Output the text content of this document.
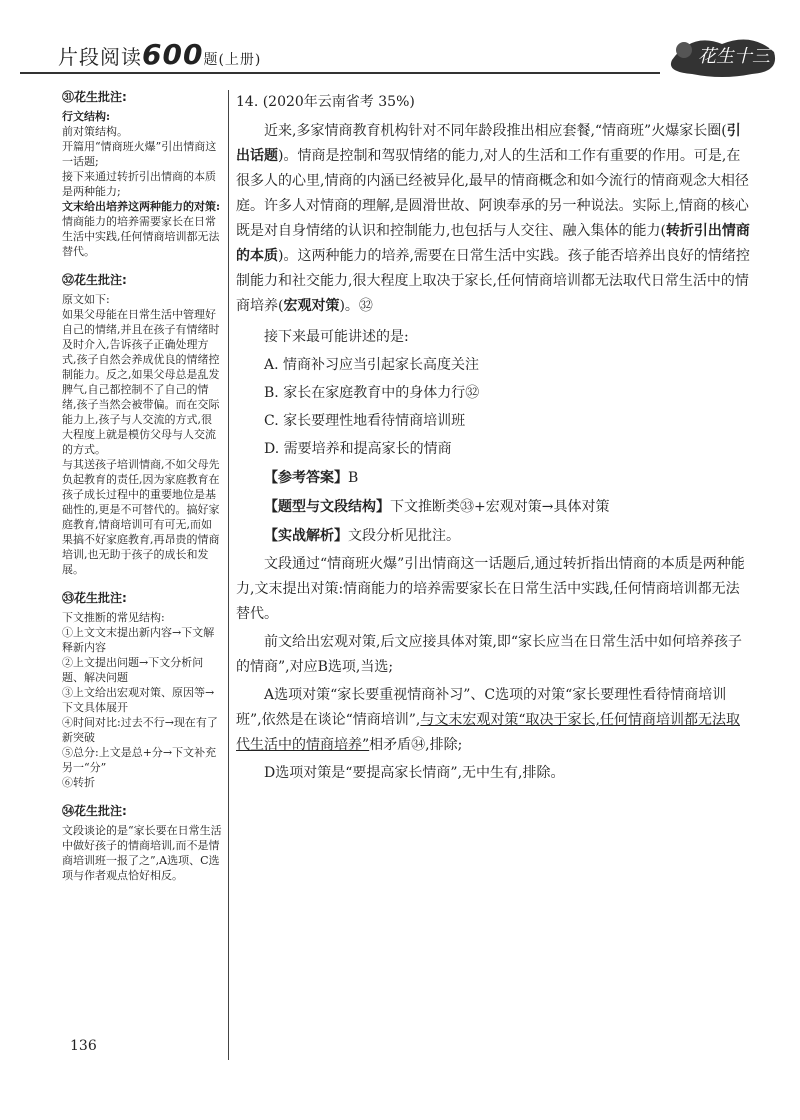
片段阅读600题(上册)	花生十三
㉛花生批注:
行文结构:
前对策结构。
开篇用“情商班火爆”引出情商这一话题;
接下来通过转折引出情商的本质是两种能力;
文末给出培养这两种能力的对策:
情商能力的培养需要家长在日常生活中实践,任何情商培训都无法替代。
㉜花生批注:
原文如下:
如果父母能在日常生活中管理好自己的情绪,并且在孩子有情绪时及时介入,告诉孩子正确处理方式,孩子自然会养成优良的情绪控制能力。反之,如果父母总是乱发脾气,自己都控制不了自己的情绪,孩子当然会被带偏。而在交际能力上,孩子与人交流的方式,很大程度上就是模仿父母与人交流的方式。
与其送孩子培训情商,不如父母先负起教育的责任,因为家庭教育在孩子成长过程中的重要地位是基础性的,更是不可替代的。搞好家庭教育,情商培训可有可无,而如果搞不好家庭教育,再昂贵的情商培训,也无助于孩子的成长和发展。
㉝花生批注:
下文推断的常见结构:
①上文文末提出新内容→下文解释新内容
②上文提出问题→下文分析问题、解决问题
③上文给出宏观对策、原因等→下文具体展开
④时间对比:过去不行→现在有了新突破
⑤总分:上文是总+分→下文补充另一“分”
⑥转折
㉞花生批注:
文段谈论的是“家长要在日常生活中做好孩子的情商培训,而不是情商培训班一报了之”,A选项、C选项与作者观点恰好相反。
14. (2020年云南省考 35%)

近来,多家情商教育机构针对不同年龄段推出相应套餐,“情商班”火爆家长圈(引出话题)。情商是控制和驾驭情绪的能力,对人的生活和工作有重要的作用。可是,在很多人的心里,情商的内涵已经被异化,最早的情商概念和如今流行的情商观念大相径庭。许多人对情商的理解,是圆滑世故、阿谀奉承的另一种说法。实际上,情商的核心既是对自身情绪的认识和控制能力,也包括与人交往、融入集体的能力(转折引出情商的本质)。这两种能力的培养,需要在日常生活中实践。孩子能否培养出良好的情绪控制能力和社交能力,很大程度上取决于家长,任何情商培训都无法取代日常生活中的情商培养(宏观对策)。㉜

接下来最可能讲述的是:
A. 情商补习应当引起家长高度关注
B. 家长在家庭教育中的身体力行㉜
C. 家长要理性地看待情商培训班
D. 需要培养和提高家长的情商
【参考答案】B
【题型与文段结构】下文推断类㉝+宏观对策→具体对策
【实战解析】文段分析见批注。

文段通过“情商班火爆”引出情商这一话题后,通过转折指出情商的本质是两种能力,文末提出对策:情商能力的培养需要家长在日常生活中实践,任何情商培训都无法替代。

前文给出宏观对策,后文应接具体对策,即“家长应当在日常生活中如何培养孩子的情商”,对应B选项,当选;

A选项对策“家长要重视情商补习”、C选项的对策“家长要理性看待情商培训班”,依然是在谈论“情商培训”,与文末宏观对策“取决于家长,任何情商培训都无法取代生活中的情商培养”相矛盾㉞,排除;

D选项对策是“要提高家长情商”,无中生有,排除。

136
